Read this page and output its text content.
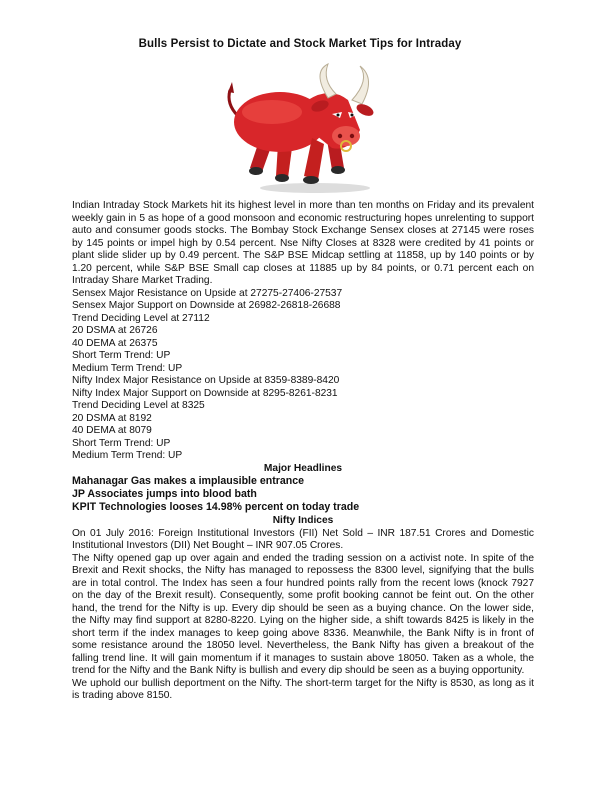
Bulls Persist to Dictate and Stock Market Tips for Intraday

Indian Intraday Stock Markets hit its highest level in more than ten months on Friday and its prevalent weekly gain in 5 as hope of a good monsoon and economic restructuring hopes unrelenting to support auto and consumer goods stocks. The Bombay Stock Exchange Sensex closes at 27145 were roses by 145 points or impel high by 0.54 percent. Nse Nifty Closes at 8328 were credited by 41 points or plant slide slider up by 0.49 percent. The S&P BSE Midcap settling at 11858, up by 140 points or by 1.20 percent, while S&P BSE Small cap closes at 11885 up by 84 points, or 0.71 percent each on Intraday Share Market Trading.

Sensex Major Resistance on Upside at 27275-27406-27537

Sensex Major Support on Downside at 26982-26818-26688

Trend Deciding Level at 27112

20 DSMA at 26726

40 DEMA at 26375

Short Term Trend: UP

Medium Term Trend: UP

Nifty Index Major Resistance on Upside at 8359-8389-8420

Nifty Index Major Support on Downside at 8295-8261-8231

Trend Deciding Level at 8325

20 DSMA at 8192

40 DEMA at 8079

Short Term Trend: UP

Medium Term Trend: UP

Major Headlines

Mahanagar Gas makes a implausible entrance

JP Associates jumps into blood bath

KPIT Technologies looses 14.98% percent on today trade

Nifty Indices

On 01 July 2016: Foreign Institutional Investors (FII) Net Sold – INR 187.51 Crores and Domestic Institutional Investors (DII) Net Bought – INR 907.05 Crores.

The Nifty opened gap up over again and ended the trading session on a activist note. In spite of the Brexit and Rexit shocks, the Nifty has managed to repossess the 8300 level, signifying that the bulls are in total control. The Index has seen a four hundred points rally from the recent lows (knock 7927 on the day of the Brexit result). Consequently, some profit booking cannot be feint out. On the other hand, the trend for the Nifty is up. Every dip should be seen as a buying chance. On the lower side, the Nifty may find support at 8280-8220. Lying on the higher side, a shift towards 8425 is likely in the short term if the index manages to keep going above 8336. Meanwhile, the Bank Nifty is in front of some resistance around the 18050 level. Nevertheless, the Bank Nifty has given a breakout of the falling trend line. It will gain momentum if it manages to sustain above 18050. Taken as a whole, the trend for the Nifty and the Bank Nifty is bullish and every dip should be seen as a buying opportunity.

We uphold our bullish deportment on the Nifty. The short-term target for the Nifty is 8530, as long as it is trading above 8150.
